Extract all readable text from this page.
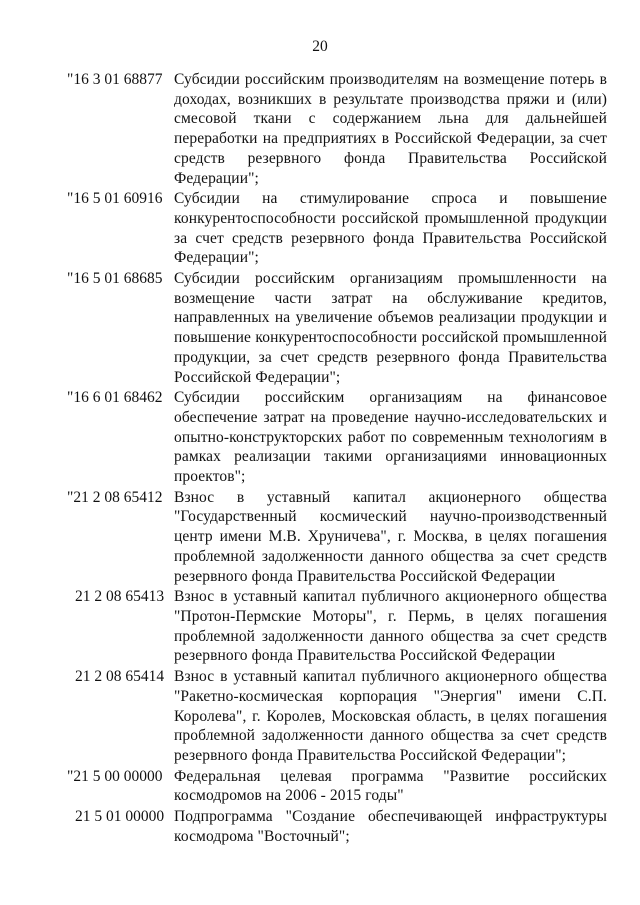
20
"16 3 01 68877 Субсидии российским производителям на возмещение потерь в доходах, возникших в результате производства пряжи и (или) смесовой ткани с содержанием льна для дальнейшей переработки на предприятиях в Российской Федерации, за счет средств резервного фонда Правительства Российской Федерации";
"16 5 01 60916 Субсидии на стимулирование спроса и повышение конкурентоспособности российской промышленной продукции за счет средств резервного фонда Правительства Российской Федерации";
"16 5 01 68685 Субсидии российским организациям промышленности на возмещение части затрат на обслуживание кредитов, направленных на увеличение объемов реализации продукции и повышение конкурентоспособности российской промышленной продукции, за счет средств резервного фонда Правительства Российской Федерации";
"16 6 01 68462 Субсидии российским организациям на финансовое обеспечение затрат на проведение научно-исследовательских и опытно-конструкторских работ по современным технологиям в рамках реализации такими организациями инновационных проектов";
"21 2 08 65412 Взнос в уставный капитал акционерного общества "Государственный космический научно-производственный центр имени М.В. Хруничева", г. Москва, в целях погашения проблемной задолженности данного общества за счет средств резервного фонда Правительства Российской Федерации
21 2 08 65413 Взнос в уставный капитал публичного акционерного общества "Протон-Пермские Моторы", г. Пермь, в целях погашения проблемной задолженности данного общества за счет средств резервного фонда Правительства Российской Федерации
21 2 08 65414 Взнос в уставный капитал публичного акционерного общества "Ракетно-космическая корпорация "Энергия" имени С.П. Королева", г. Королев, Московская область, в целях погашения проблемной задолженности данного общества за счет средств резервного фонда Правительства Российской Федерации";
"21 5 00 00000 Федеральная целевая программа "Развитие российских космодромов на 2006 - 2015 годы"
21 5 01 00000 Подпрограмма "Создание обеспечивающей инфраструктуры космодрома "Восточный";
